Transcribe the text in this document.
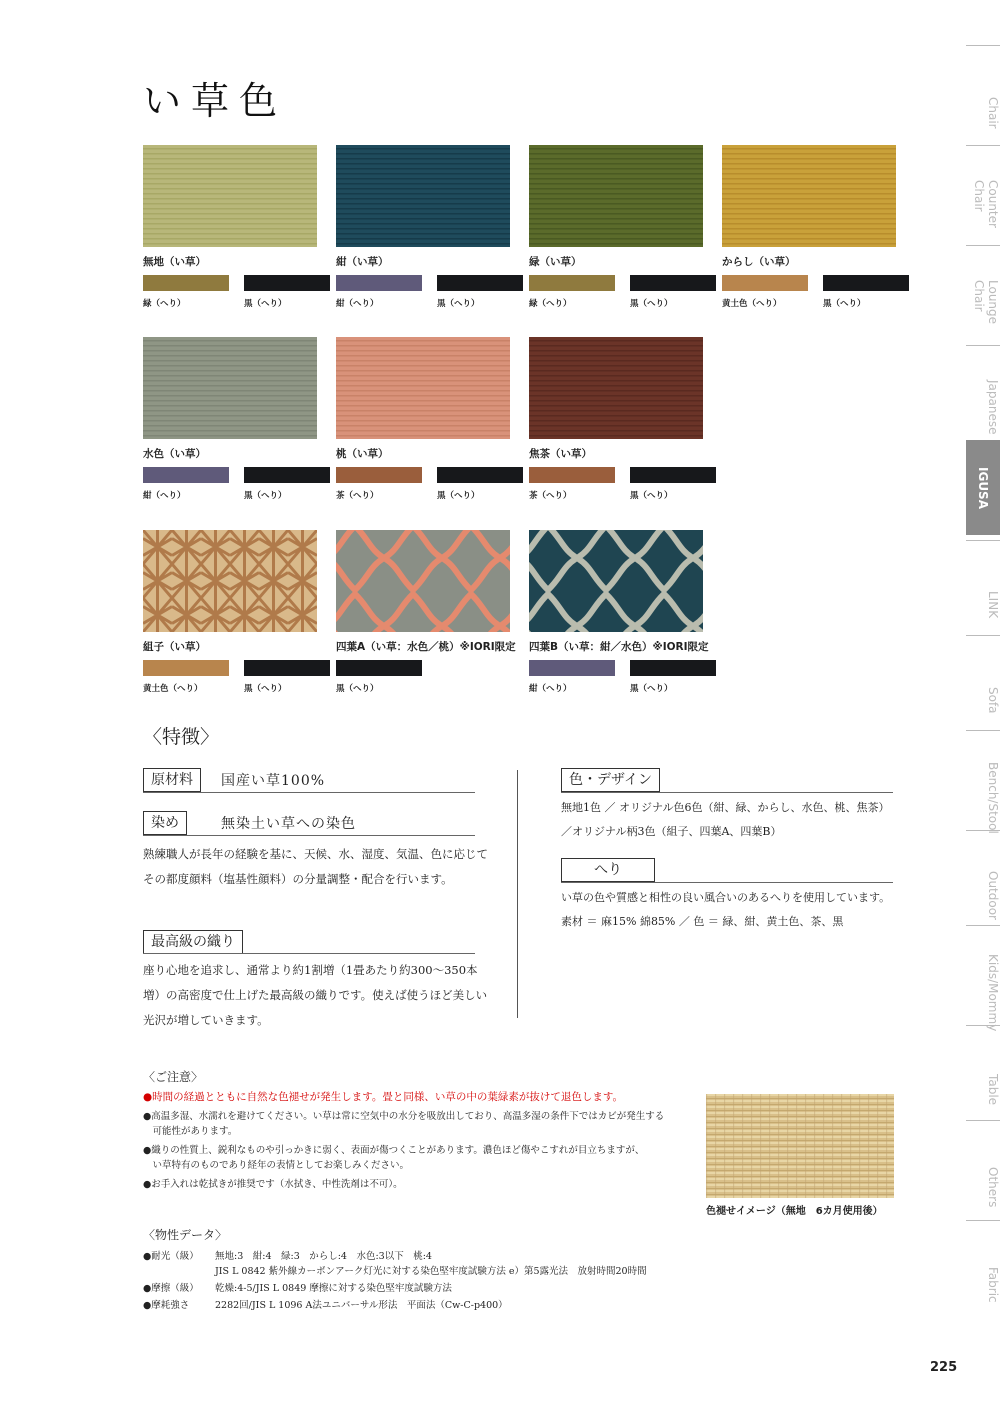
い草色
無地（い草）
緑（へり）	黒（へり）
紺（い草）
紺（へり）	黒（へり）
緑（い草）
緑（へり）	黒（へり）
からし（い草）
黄土色（へり）	黒（へり）
水色（い草）
紺（へり）	黒（へり）
桃（い草）
茶（へり）	黒（へり）
焦茶（い草）
茶（へり）	黒（へり）
組子（い草）
黄土色（へり）	黒（へり）
四葉A（い草：水色／桃）※IORI限定
黒（へり）
四葉B（い草：紺／水色）※IORI限定
紺（へり）	黒（へり）
Chair
Counter Chair
Lounge Chair
Japanese
IGUSA
LINK
Sofa
Bench/Stool
Outdoor
Kids/Mommy
Table
Others
Fabric
〈特徴〉
原材料	国産い草100%
染め	無染土い草への染色
熟練職人が長年の経験を基に、天候、水、湿度、気温、色に応じて
その都度顔料（塩基性顔料）の分量調整・配合を行います。
最高級の織り
座り心地を追求し、通常より約1割増（1畳あたり約300～350本
増）の高密度で仕上げた最高級の織りです。使えば使うほど美しい
光沢が増していきます。
色・デザイン
無地1色 ／ オリジナル色6色（紺、緑、からし、水色、桃、焦茶）
／オリジナル柄3色（組子、四葉A、四葉B）
へり
い草の色や質感と相性の良い風合いのあるへりを使用しています。
素材 ＝ 麻15% 綿85% ／ 色 ＝ 緑、紺、黄土色、茶、黒
〈ご注意〉
●時間の経過とともに自然な色褪せが発生します。畳と同様、い草の中の葉緑素が抜けて退色します。
●高温多湿、水濡れを避けてください。い草は常に空気中の水分を吸放出しており、高温多湿の条件下ではカビが発生する
　可能性があります。
●織りの性質上、鋭利なものや引っかきに弱く、表面が傷つくことがあります。濃色ほど傷やこすれが目立ちますが、
　い草特有のものであり経年の表情としてお楽しみください。
●お手入れは乾拭きが推奨です（水拭き、中性洗剤は不可）。
色褪せイメージ（無地　6カ月使用後）
〈物性データ〉
●耐光（級）	無地:3　紺:4　緑:3　からし:4　水色:3以下　桃:4
JIS L 0842 紫外線カーボンアーク灯光に対する染色堅牢度試験方法 e）第5露光法　放射時間20時間

●摩擦（級）	乾燥:4-5/JIS L 0849 摩擦に対する染色堅牢度試験方法

●摩耗強さ	2282回/JIS L 1096 A法ユニバーサル形法　平面法（Cw-C-p400）
225
